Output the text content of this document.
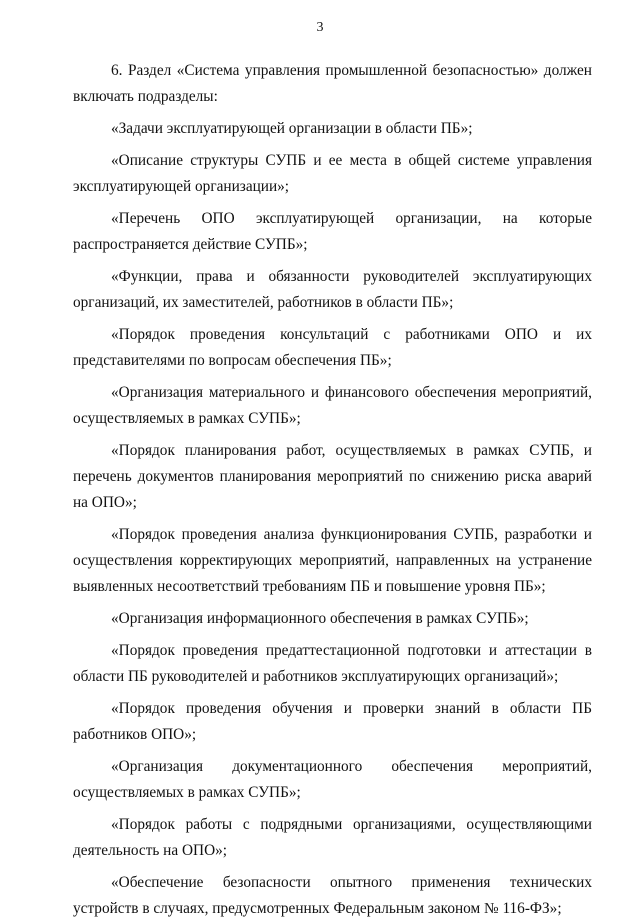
3

6. Раздел «Система управления промышленной безопасностью» должен включать подразделы:

«Задачи эксплуатирующей организации в области ПБ»;

«Описание структуры СУПБ и ее места в общей системе управления эксплуатирующей организации»;

«Перечень ОПО эксплуатирующей организации, на которые распространяется действие СУПБ»;

«Функции, права и обязанности руководителей эксплуатирующих организаций, их заместителей, работников в области ПБ»;

«Порядок проведения консультаций с работниками ОПО и их представителями по вопросам обеспечения ПБ»;

«Организация материального и финансового обеспечения мероприятий, осуществляемых в рамках СУПБ»;

«Порядок планирования работ, осуществляемых в рамках СУПБ, и перечень документов планирования мероприятий по снижению риска аварий на ОПО»;

«Порядок проведения анализа функционирования СУПБ, разработки и осуществления корректирующих мероприятий, направленных на устранение выявленных несоответствий требованиям ПБ и повышение уровня ПБ»;

«Организация информационного обеспечения в рамках СУПБ»;

«Порядок проведения предаттестационной подготовки и аттестации в области ПБ руководителей и работников эксплуатирующих организаций»;

«Порядок проведения обучения и проверки знаний в области ПБ работников ОПО»;

«Организация документационного обеспечения мероприятий, осуществляемых в рамках СУПБ»;

«Порядок работы с подрядными организациями, осуществляющими деятельность на ОПО»;

«Обеспечение безопасности опытного применения технических устройств в случаях, предусмотренных Федеральным законом № 116-ФЗ»;
